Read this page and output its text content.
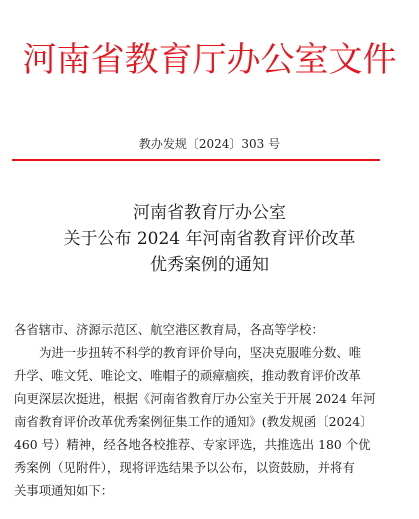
河南省教育厅办公室文件
教办发规〔2024〕303 号
河南省教育厅办公室
关于公布 2024 年河南省教育评价改革
优秀案例的通知
各省辖市、济源示范区、航空港区教育局，各高等学校：
为进一步扭转不科学的教育评价导向，坚决克服唯分数、唯
升学、唯文凭、唯论文、唯帽子的顽瘴痼疾，推动教育评价改革
向更深层次挺进，根据《河南省教育厅办公室关于开展 2024 年河
南省教育评价改革优秀案例征集工作的通知》(教发规函〔2024〕
460 号）精神，经各地各校推荐、专家评选，共推选出 180 个优
秀案例（见附件），现将评选结果予以公布，以资鼓励，并将有
关事项通知如下：
